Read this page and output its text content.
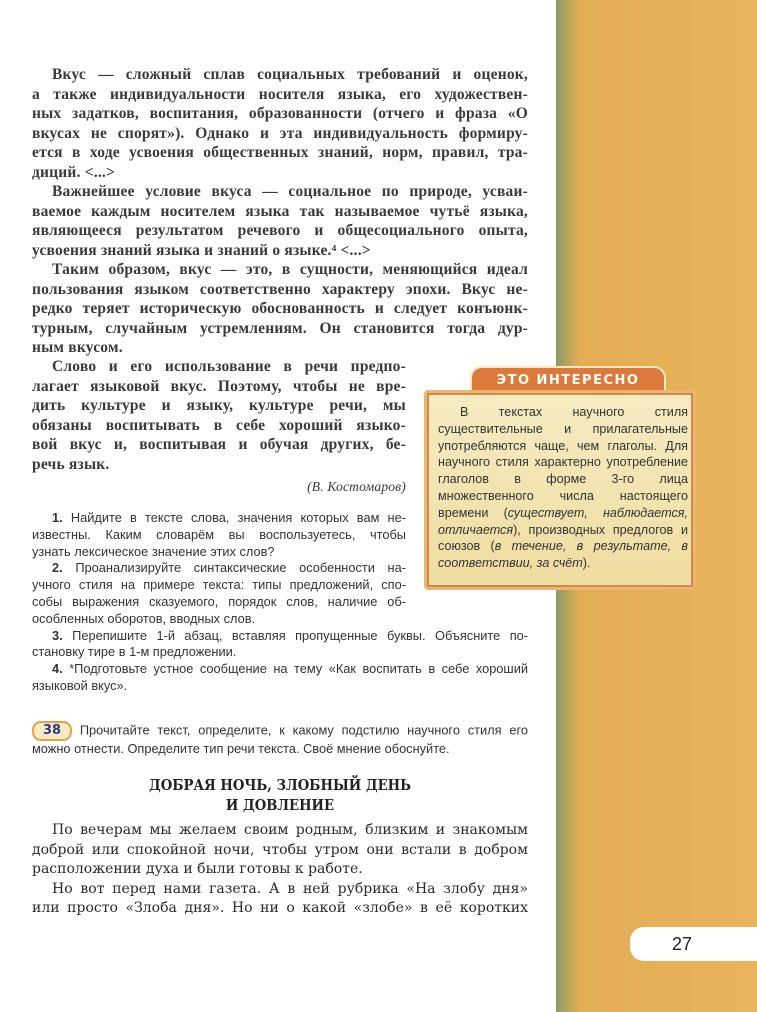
Вкус — сложный сплав социальных требований и оценок,
а также индивидуальности носителя языка, его художествен-
ных задатков, воспитания, образованности (отчего и фраза «О
вкусах не спорят»). Однако и эта индивидуальность формиру-
ется в ходе усвоения общественных знаний, норм, правил, тра-
диций. <...>
Важнейшее условие вкуса — социальное по природе, усваи-
ваемое каждым носителем языка так называемое чутьё языка,
являющееся результатом речевого и общесоциального опыта,
усвоения знаний языка и знаний о языке.⁴ <...>
Таким образом, вкус — это, в сущности, меняющийся идеал
пользования языком соответственно характеру эпохи. Вкус не-
редко теряет историческую обоснованность и следует конъюнк-
турным, случайным устремлениям. Он становится тогда дур-
ным вкусом.
Слово и его использование в речи предпо-
лагает языковой вкус. Поэтому, чтобы не вре-
дить культуре и языку, культуре речи, мы
обязаны воспитывать в себе хороший языко-
вой вкус и, воспитывая и обучая других, бе-
речь язык.
(В. Костомаров)
1. Найдите в тексте слова, значения которых вам не-
известны. Каким словарём вы воспользуетесь, чтобы
узнать лексическое значение этих слов?
2. Проанализируйте синтаксические особенности на-
учного стиля на примере текста: типы предложений, спо-
собы выражения сказуемого, порядок слов, наличие об-
особленных оборотов, вводных слов.
3. Перепишите 1-й абзац, вставляя пропущенные буквы. Объясните по-
становку тире в 1-м предложении.
4. *Подготовьте устное сообщение на тему «Как воспитать в себе хороший
языковой вкус».
ЭТО ИНТЕРЕСНО
В текстах научного стиля существительные и прилагательные употребляются чаще, чем глаголы. Для научного стиля характерно употребление глаголов в форме 3-го лица множественного числа настоящего времени (существует, наблюдается, отличается), производных предлогов и союзов (в течение, в результате, в соответствии, за счёт).
38 Прочитайте текст, определите, к какому подстилю научного стиля его можно отнести. Определите тип речи текста. Своё мнение обоснуйте.
ДОБРАЯ НОЧЬ, ЗЛОБНЫЙ ДЕНЬ
И ДОВЛЕНИЕ
По вечерам мы желаем своим родным, близким и знакомым
доброй или спокойной ночи, чтобы утром они встали в добром
расположении духа и были готовы к работе.
Но вот перед нами газета. А в ней рубрика «На злобу дня»
или просто «Злоба дня». Но ни о какой «злобе» в её коротких
27
